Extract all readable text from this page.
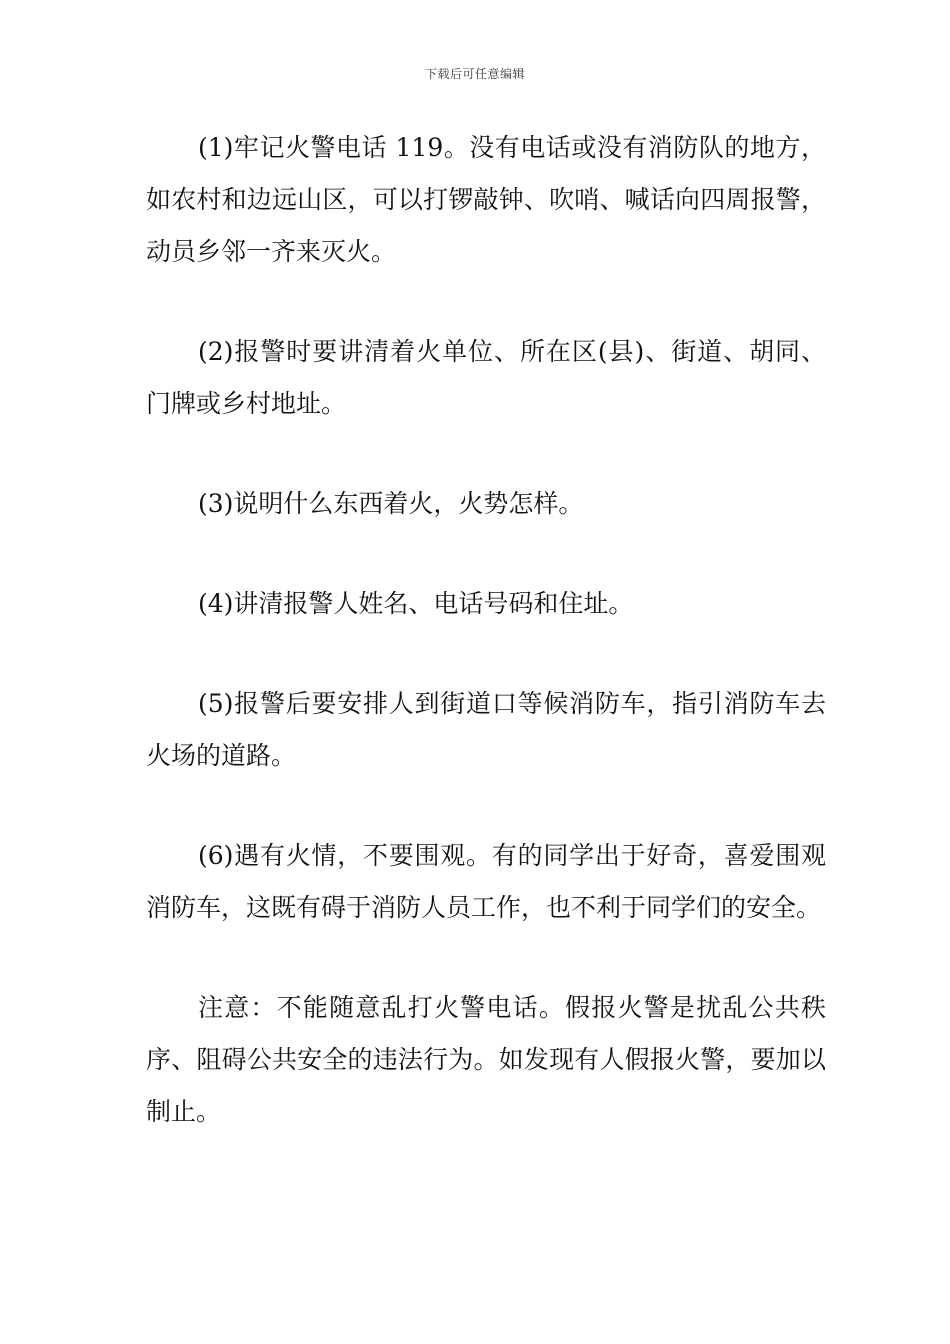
下载后可任意编辑

(1)牢记火警电话 119。没有电话或没有消防队的地方，如农村和边远山区，可以打锣敲钟、吹哨、喊话向四周报警，动员乡邻一齐来灭火。

(2)报警时要讲清着火单位、所在区(县)、街道、胡同、门牌或乡村地址。

(3)说明什么东西着火，火势怎样。

(4)讲清报警人姓名、电话号码和住址。

(5)报警后要安排人到街道口等候消防车，指引消防车去火场的道路。

(6)遇有火情，不要围观。有的同学出于好奇，喜爱围观消防车，这既有碍于消防人员工作，也不利于同学们的安全。

注意：不能随意乱打火警电话。假报火警是扰乱公共秩序、阻碍公共安全的违法行为。如发现有人假报火警，要加以制止。
